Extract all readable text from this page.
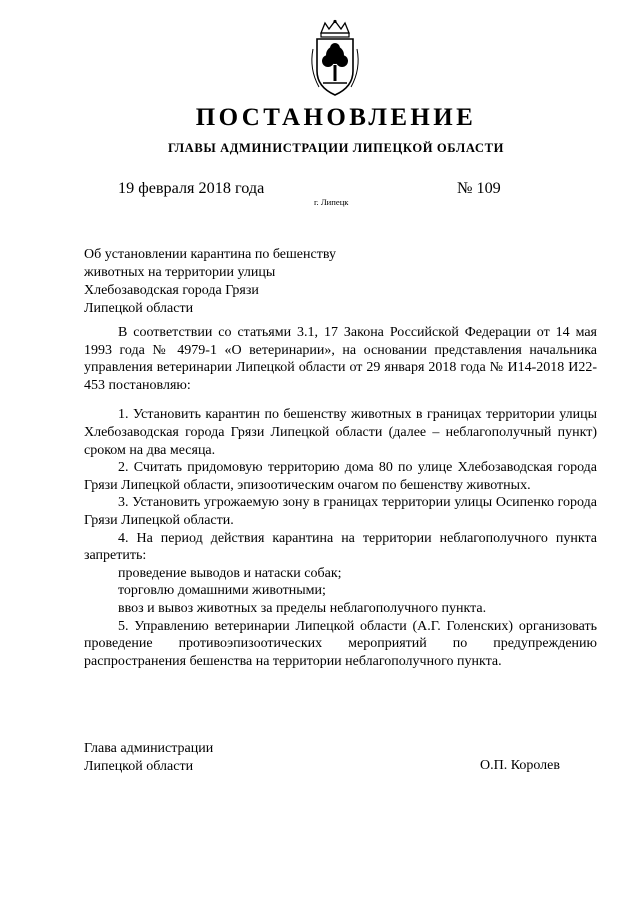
ПОСТАНОВЛЕНИЕ
ГЛАВЫ АДМИНИСТРАЦИИ ЛИПЕЦКОЙ ОБЛАСТИ
19 февраля 2018 года
г. Липецк
№ 109
Об установлении карантина по бешенству
животных на территории улицы
Хлебозаводская города Грязи
Липецкой области

В соответствии со статьями 3.1, 17 Закона Российской Федерации от 14 мая 1993 года № 4979-1 «О ветеринарии», на основании представления начальника управления ветеринарии Липецкой области от 29 января 2018 года № И14-2018 И22-453 постановляю:

1. Установить карантин по бешенству животных в границах территории улицы Хлебозаводская города Грязи Липецкой области (далее – неблагополучный пункт) сроком на два месяца.

2. Считать придомовую территорию дома 80 по улице Хлебозаводская города Грязи Липецкой области, эпизоотическим очагом по бешенству животных.

3. Установить угрожаемую зону в границах территории улицы Осипенко города Грязи Липецкой области.

4. На период действия карантина на территории неблагополучного пункта запретить:

проведение выводов и натаски собак;

торговлю домашними животными;

ввоз и вывоз животных за пределы неблагополучного пункта.

5. Управлению ветеринарии Липецкой области (А.Г. Голенских) организовать проведение противоэпизоотических мероприятий по предупреждению распространения бешенства на территории неблагополучного пункта.

Глава администрации
Липецкой области	О.П. Королев
